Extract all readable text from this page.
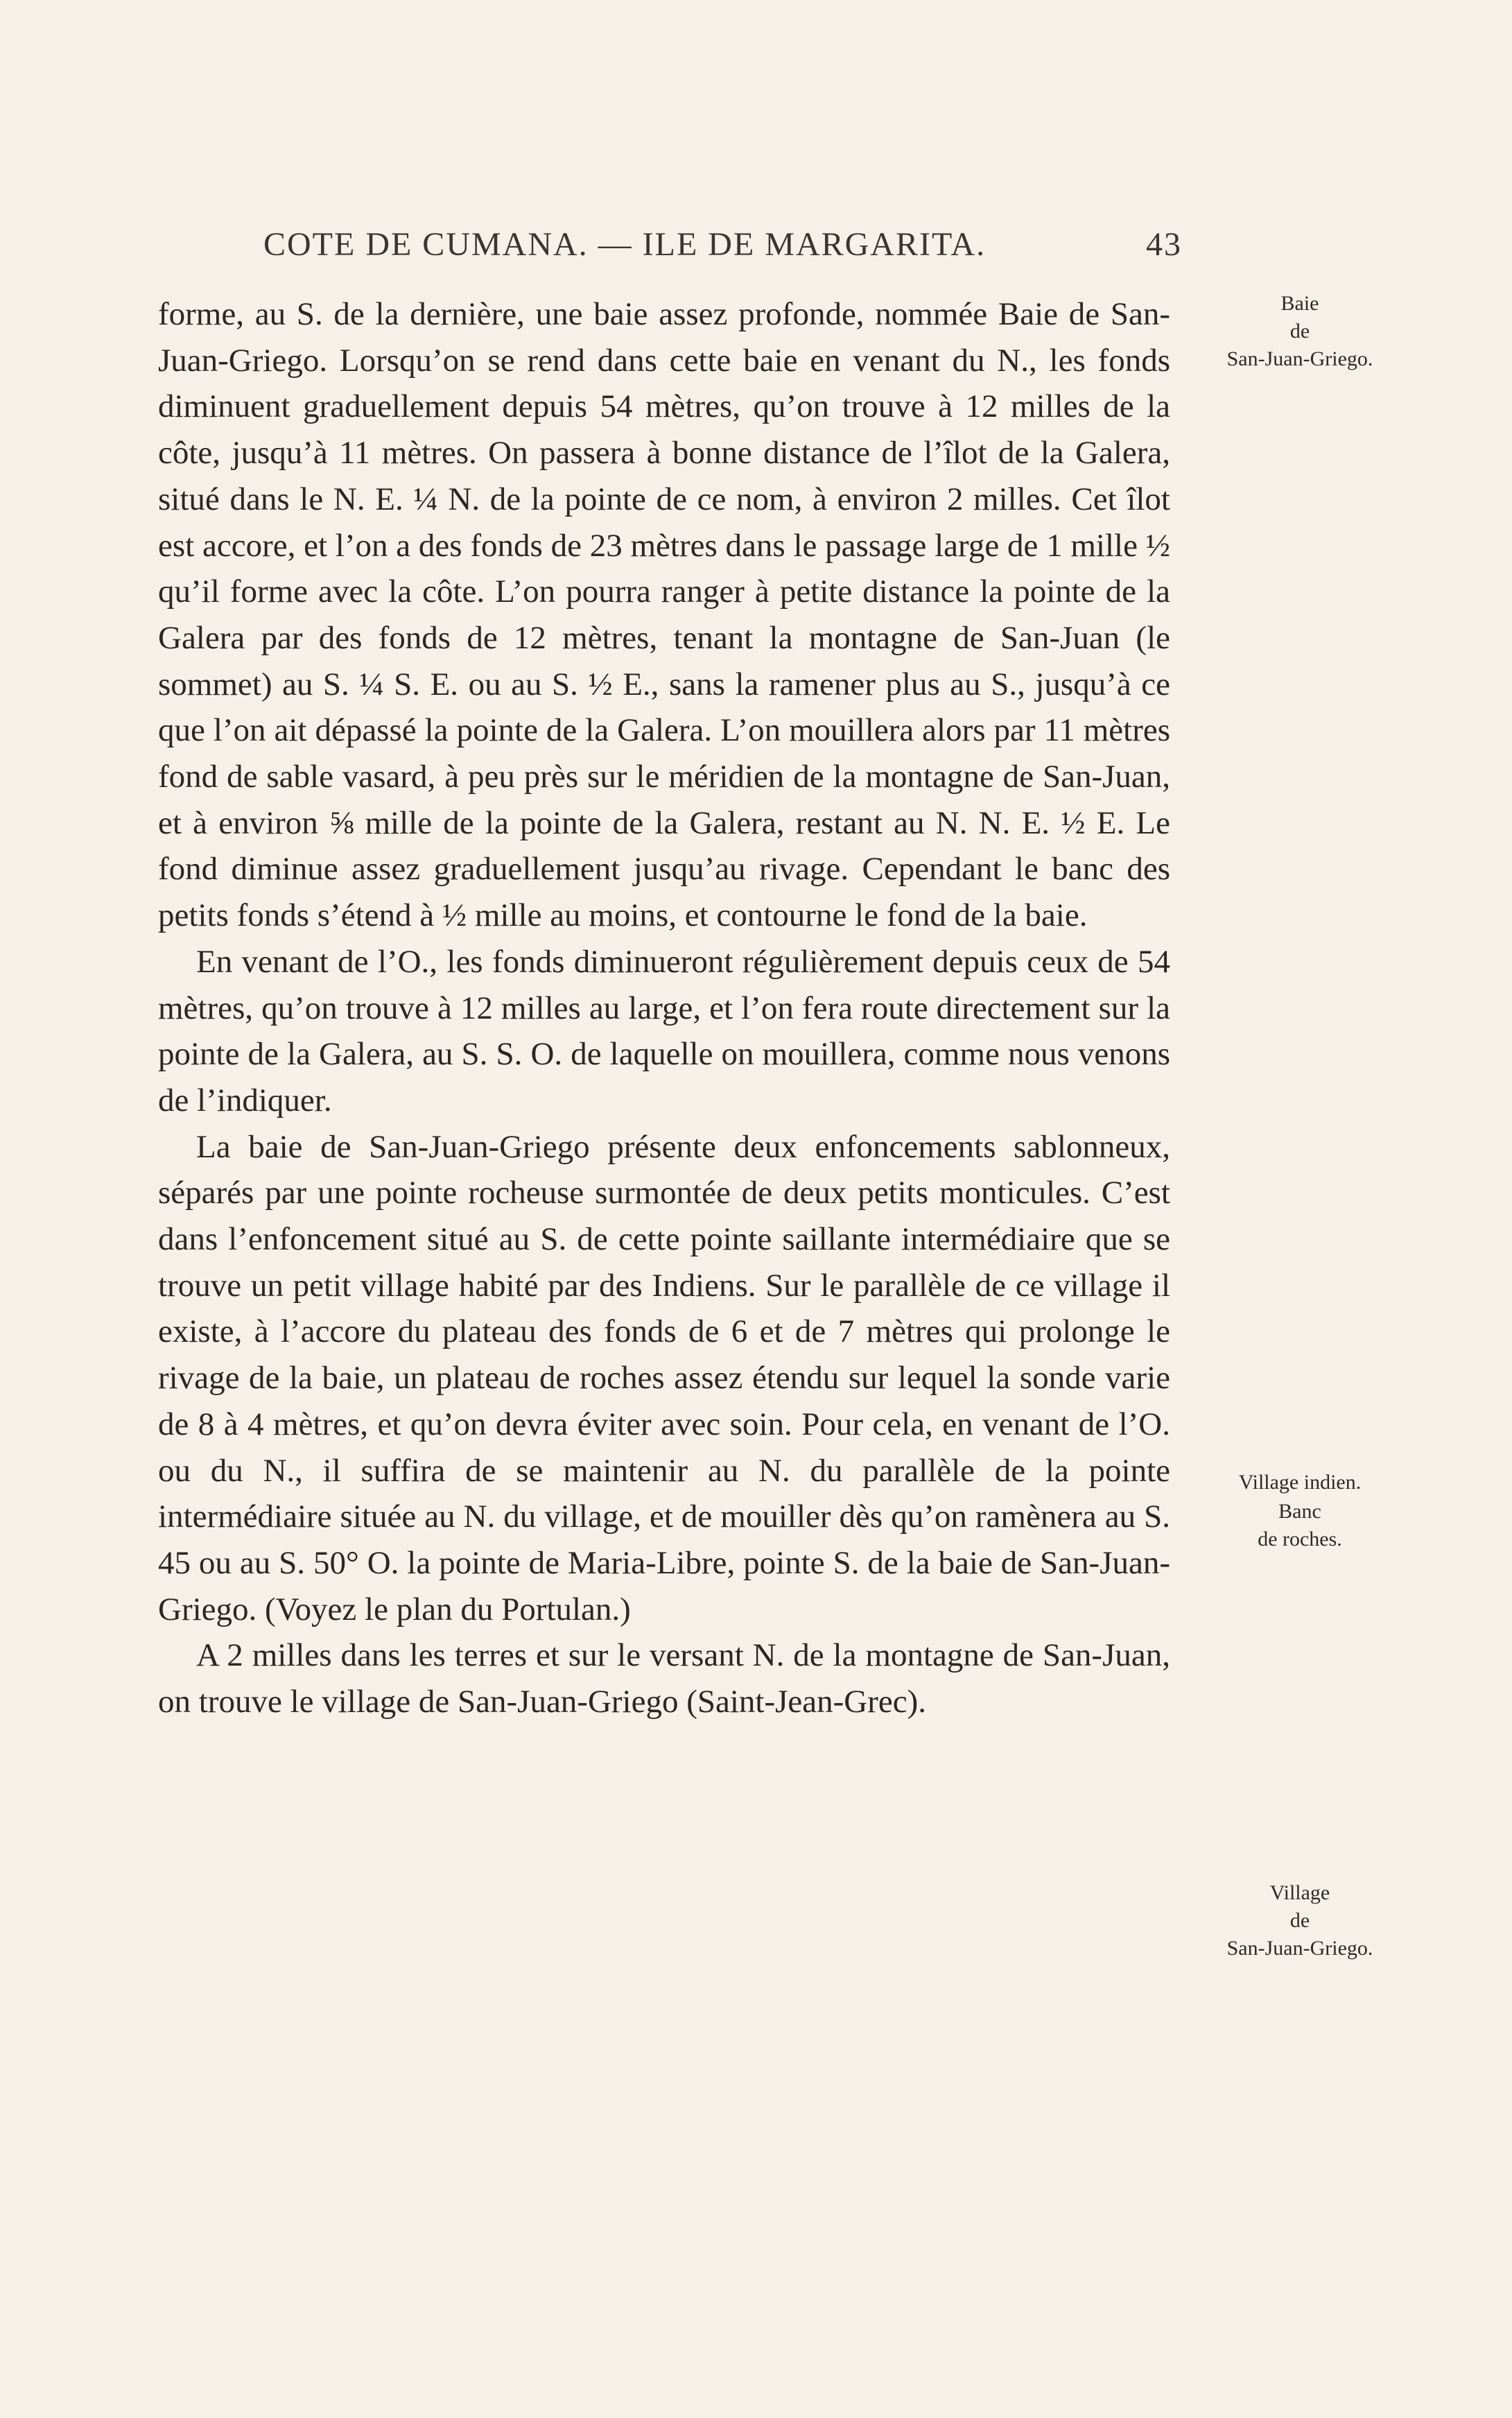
COTE DE CUMANA. — ILE DE MARGARITA.	43

forme, au S. de la dernière, une baie assez profonde, nommée Baie de San-Juan-Griego. Lorsqu’on se rend dans cette baie en venant du N., les fonds diminuent graduellement depuis 54 mètres, qu’on trouve à 12 milles de la côte, jusqu’à 11 mètres. On passera à bonne distance de l’îlot de la Galera, situé dans le N. E. ¼ N. de la pointe de ce nom, à environ 2 milles. Cet îlot est accore, et l’on a des fonds de 23 mètres dans le passage large de 1 mille ½ qu’il forme avec la côte. L’on pourra ranger à petite distance la pointe de la Galera par des fonds de 12 mètres, tenant la montagne de San-Juan (le sommet) au S. ¼ S. E. ou au S. ½ E., sans la ramener plus au S., jusqu’à ce que l’on ait dépassé la pointe de la Galera. L’on mouillera alors par 11 mètres fond de sable vasard, à peu près sur le méridien de la montagne de San-Juan, et à environ ⅝ mille de la pointe de la Galera, restant au N. N. E. ½ E. Le fond diminue assez graduellement jusqu’au rivage. Cependant le banc des petits fonds s’étend à ½ mille au moins, et contourne le fond de la baie.

En venant de l’O., les fonds diminueront régulièrement depuis ceux de 54 mètres, qu’on trouve à 12 milles au large, et l’on fera route directement sur la pointe de la Galera, au S. S. O. de laquelle on mouillera, comme nous venons de l’indiquer.

La baie de San-Juan-Griego présente deux enfoncements sablonneux, séparés par une pointe rocheuse surmontée de deux petits monticules. C’est dans l’enfoncement situé au S. de cette pointe saillante intermédiaire que se trouve un petit village habité par des Indiens. Sur le parallèle de ce village il existe, à l’accore du plateau des fonds de 6 et de 7 mètres qui prolonge le rivage de la baie, un plateau de roches assez étendu sur lequel la sonde varie de 8 à 4 mètres, et qu’on devra éviter avec soin. Pour cela, en venant de l’O. ou du N., il suffira de se maintenir au N. du parallèle de la pointe intermédiaire située au N. du village, et de mouiller dès qu’on ramènera au S. 45 ou au S. 50° O. la pointe de Maria-Libre, pointe S. de la baie de San-Juan-Griego. (Voyez le plan du Portulan.)

A 2 milles dans les terres et sur le versant N. de la montagne de San-Juan, on trouve le village de San-Juan-Griego (Saint-Jean-Grec).

Baie
de
San-Juan-Griego.
Village indien.
Banc
de roches.
Village
de
San-Juan-Griego.
